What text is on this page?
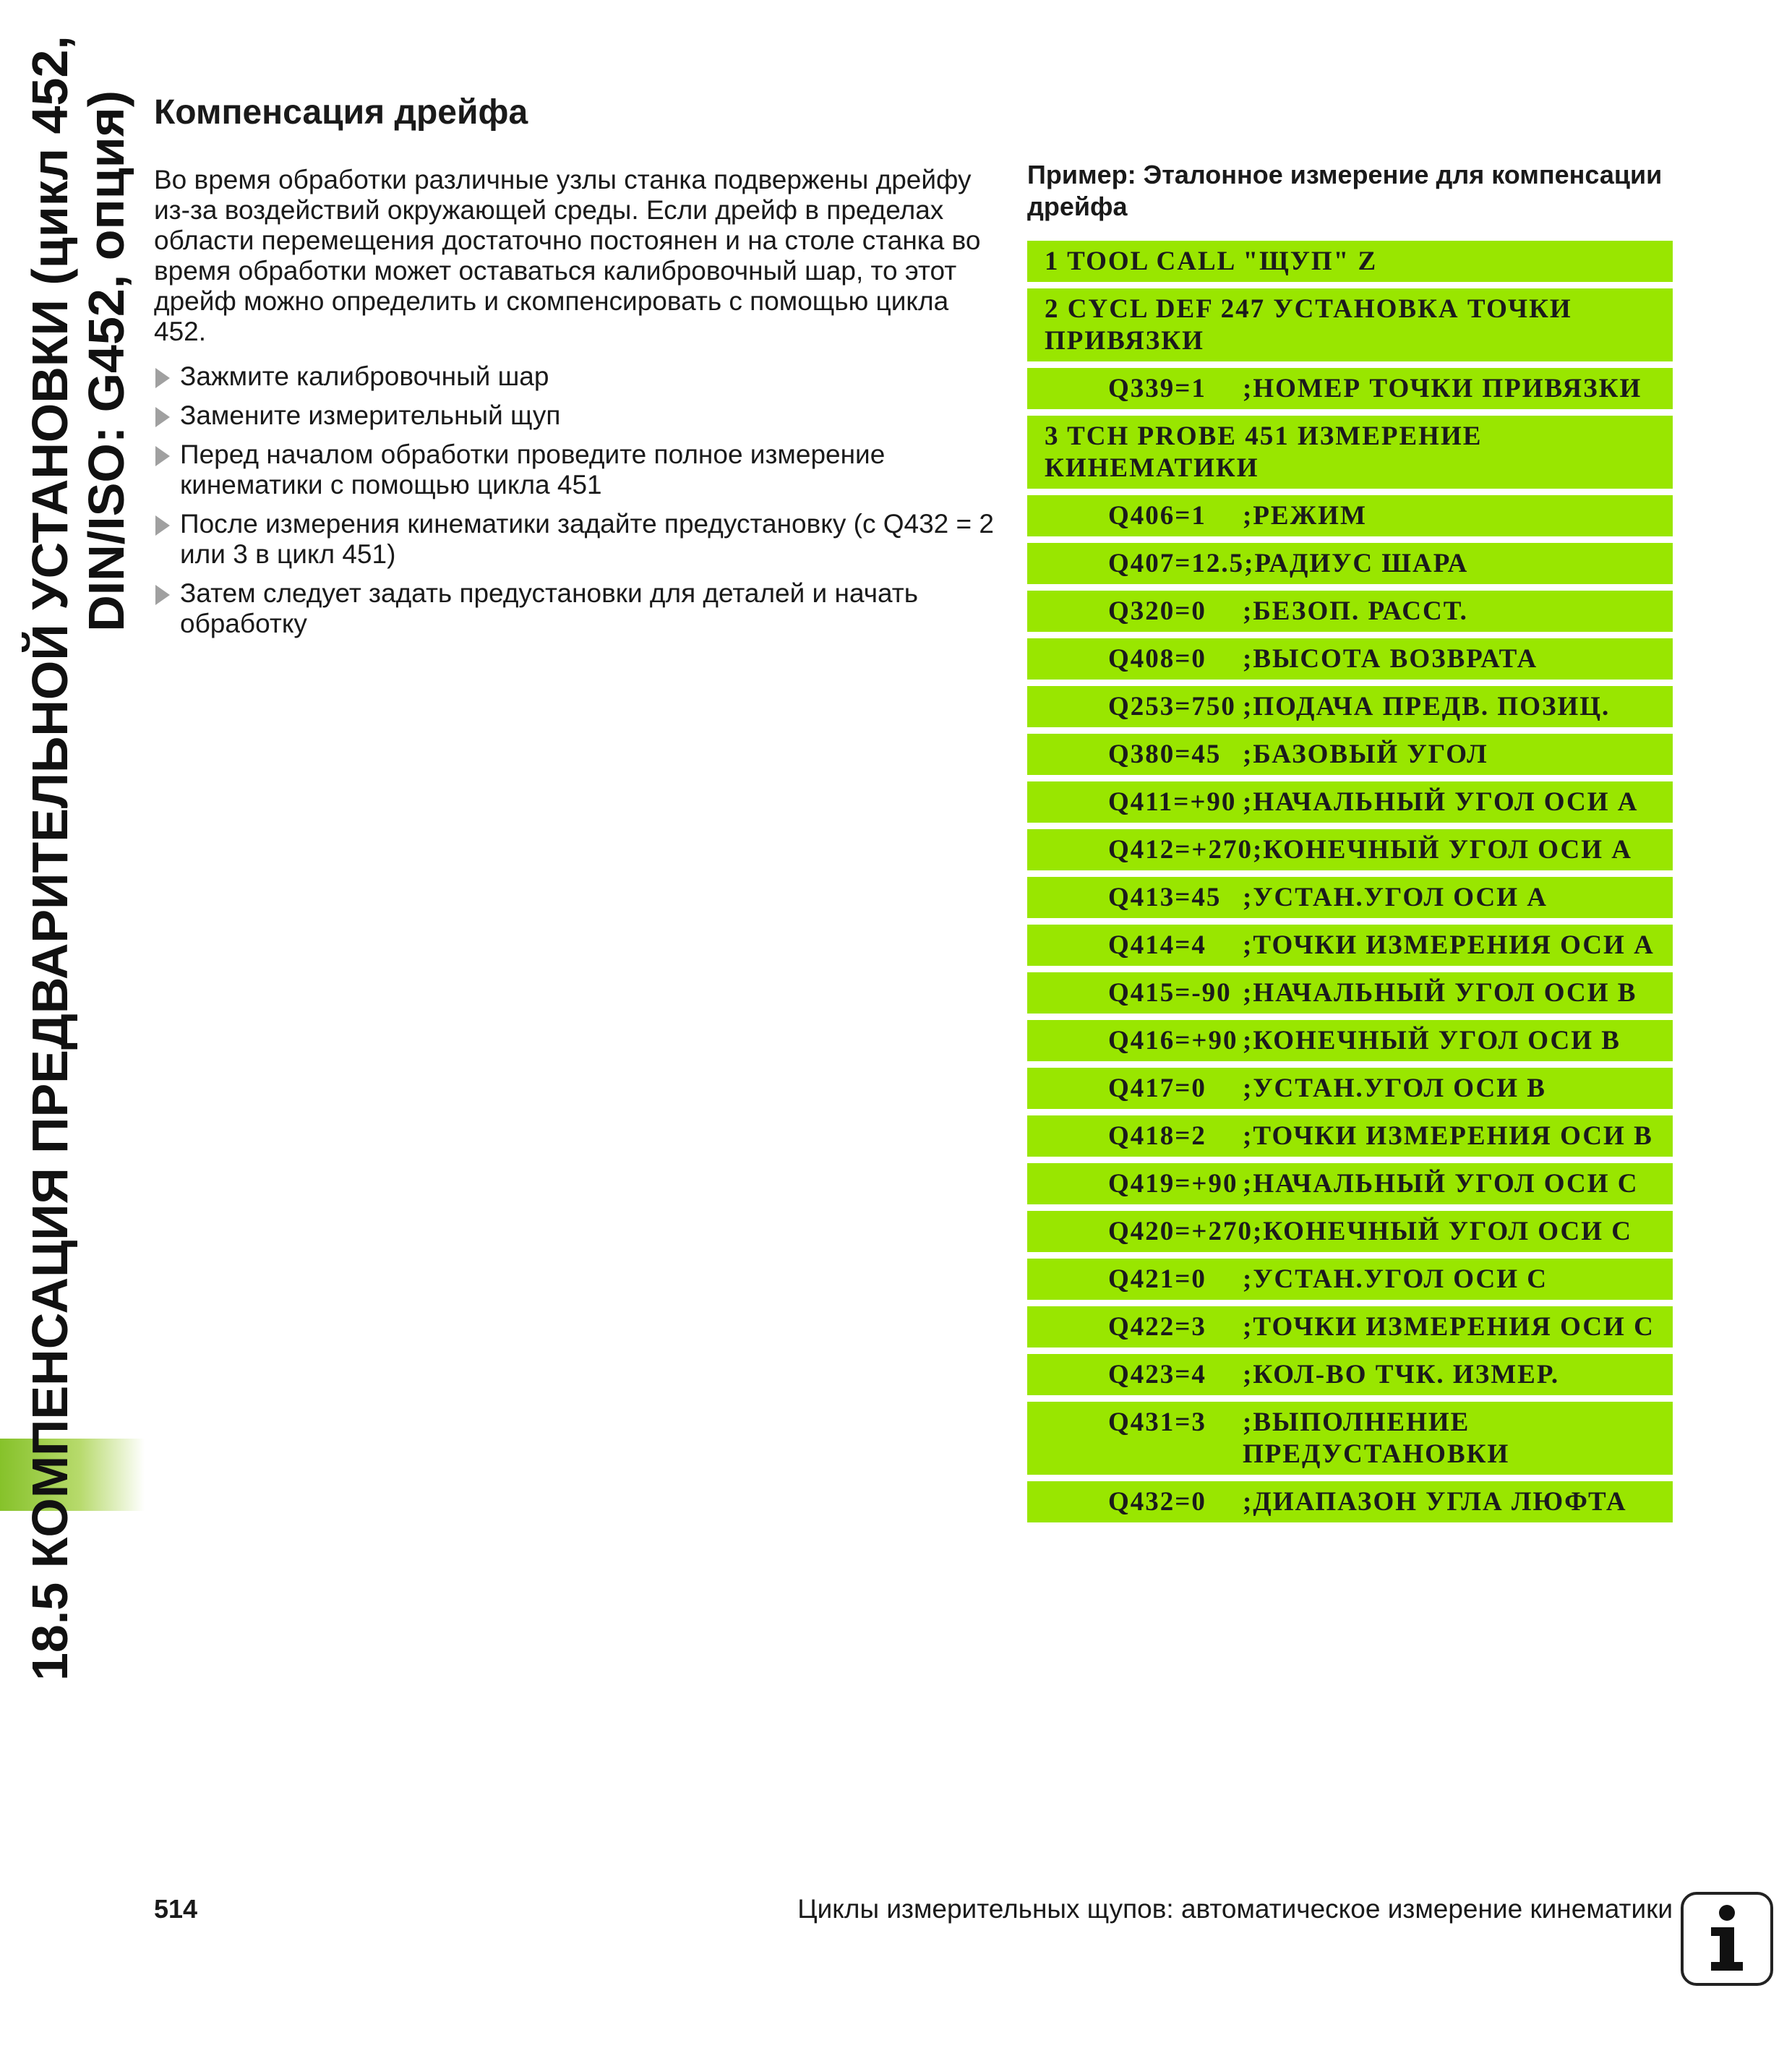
18.5 КОМПЕНСАЦИЯ ПРЕДВАРИТЕЛЬНОЙ УСТАНОВКИ (цикл 452, DIN/ISO: G452, опция) Компенсация дрейфа

Во время обработки различные узлы станка подвержены дрейфу из-за воздействий окружающей среды. Если дрейф в пределах области перемещения достаточно постоянен и на столе станка во время обработки может оставаться калибровочный шар, то этот дрейф можно определить и скомпенсировать с помощью цикла 452.

Зажмите калибровочный шар
Замените измерительный щуп
Перед началом обработки проведите полное измерение кинематики с помощью цикла 451
После измерения кинематики задайте предустановку (с Q432 = 2 или 3 в цикл 451)
Затем следует задать предустановки для деталей и начать обработку
Пример: Эталонное измерение для компенсации дрейфа
1 TOOL CALL "ЩУП" Z
2 CYCL DEF 247 УСТАНОВКА ТОЧКИ ПРИВЯЗКИ
Q339=1	;НОМЕР ТОЧКИ ПРИВЯЗКИ
3 TCH PROBE 451 ИЗМЕРЕНИЕ КИНЕМАТИКИ
Q406=1	;РЕЖИМ
Q407=12.5 ;РАДИУС ШАРА
Q320=0	;БЕЗОП. РАССТ.
Q408=0	;ВЫСОТА ВОЗВРАТА
Q253=750 ;ПОДАЧА ПРЕДВ. ПОЗИЦ.
Q380=45 ;БАЗОВЫЙ УГОЛ
Q411=+90 ;НАЧАЛЬНЫЙ УГОЛ ОСИ A
Q412=+270 ;КОНЕЧНЫЙ УГОЛ ОСИ A
Q413=45 ;УСТАН.УГОЛ ОСИ A
Q414=4	;ТОЧКИ ИЗМЕРЕНИЯ ОСИ A
Q415=-90 ;НАЧАЛЬНЫЙ УГОЛ ОСИ B
Q416=+90 ;КОНЕЧНЫЙ УГОЛ ОСИ B
Q417=0	;УСТАН.УГОЛ ОСИ B
Q418=2	;ТОЧКИ ИЗМЕРЕНИЯ ОСИ B
Q419=+90 ;НАЧАЛЬНЫЙ УГОЛ ОСИ C
Q420=+270 ;КОНЕЧНЫЙ УГОЛ ОСИ C
Q421=0	;УСТАН.УГОЛ ОСИ C
Q422=3	;ТОЧКИ ИЗМЕРЕНИЯ ОСИ C
Q423=4	;КОЛ-ВО ТЧК. ИЗМЕР.
Q431=3	;ВЫПОЛНЕНИЕ ПРЕДУСТАНОВКИ
Q432=0	;ДИАПАЗОН УГЛА ЛЮФТА
514	Циклы измерительных щупов: автоматическое измерение кинематики
